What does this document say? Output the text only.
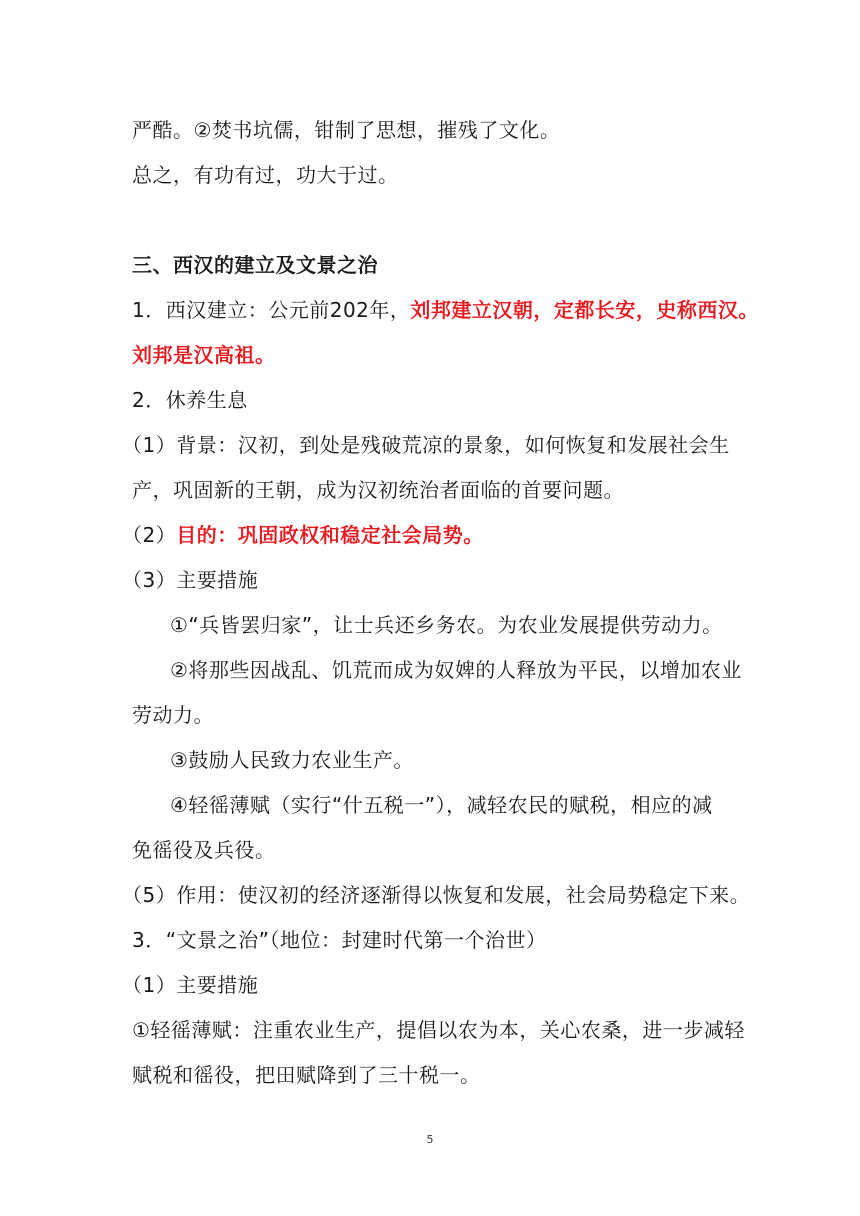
严酷。②焚书坑儒，钳制了思想，摧残了文化。
总之，有功有过，功大于过。
三、西汉的建立及文景之治
1．西汉建立：公元前202年，刘邦建立汉朝，定都长安，史称西汉。
刘邦是汉高祖。
2．休养生息
（1）背景：汉初，到处是残破荒凉的景象，如何恢复和发展社会生
产，巩固新的王朝，成为汉初统治者面临的首要问题。
（2）目的：巩固政权和稳定社会局势。
（3）主要措施
①“兵皆罢归家”，让士兵还乡务农。为农业发展提供劳动力。
②将那些因战乱、饥荒而成为奴婢的人释放为平民，以增加农业
劳动力。
③鼓励人民致力农业生产。
④轻徭薄赋（实行“什五税一”），减轻农民的赋税，相应的减
免徭役及兵役。
（5）作用：使汉初的经济逐渐得以恢复和发展，社会局势稳定下来。
3．“文景之治”（地位：封建时代第一个治世）
（1）主要措施
①轻徭薄赋：注重农业生产，提倡以农为本，关心农桑，进一步减轻
赋税和徭役，把田赋降到了三十税一。
5
